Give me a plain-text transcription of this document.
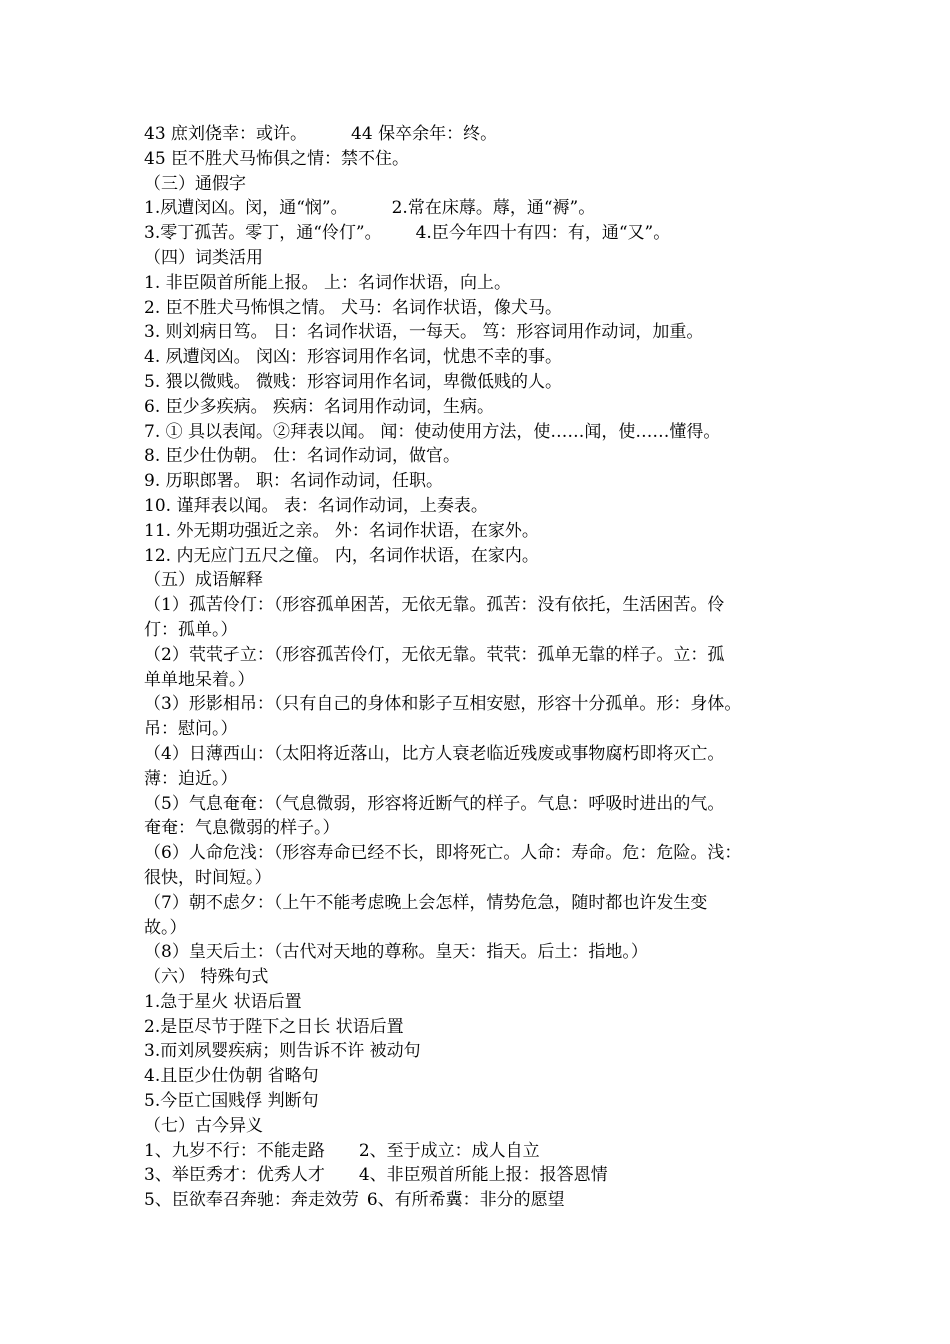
43 庶刘侥幸：或许。	44 保卒余年：终。
45 臣不胜犬马怖俱之情：禁不住。
（三）通假字
1.夙遭闵凶。闵，通“悯”。	2.常在床蓐。蓐，通“褥”。
3.零丁孤苦。零丁，通“伶仃”。 4.臣今年四十有四：有，通“又”。
（四）词类活用
1. 非臣陨首所能上报。 上：名词作状语，向上。
2. 臣不胜犬马怖惧之情。 犬马：名词作状语，像犬马。
3. 则刘病日笃。 日：名词作状语，一每天。 笃：形容词用作动词，加重。
4. 夙遭闵凶。 闵凶：形容词用作名词，忧患不幸的事。
5. 猥以微贱。 微贱：形容词用作名词，卑微低贱的人。
6. 臣少多疾病。 疾病：名词用作动词，生病。
7. ① 具以表闻。②拜表以闻。 闻：使动使用方法，使……闻，使……懂得。
8. 臣少仕伪朝。 仕：名词作动词，做官。
9. 历职郎署。 职：名词作动词，任职。
10. 谨拜表以闻。 表：名词作动词，上奏表。
11. 外无期功强近之亲。 外：名词作状语，在家外。
12. 内无应门五尺之僮。 内，名词作状语，在家内。
（五）成语解释
（1）孤苦伶仃：（形容孤单困苦，无依无靠。孤苦：没有依托，生活困苦。伶
仃：孤单。）
（2）茕茕孑立：（形容孤苦伶仃，无依无靠。茕茕：孤单无靠的样子。立：孤
单单地呆着。）
（3）形影相吊：（只有自己的身体和影子互相安慰，形容十分孤单。形：身体。
吊：慰问。）
（4）日薄西山：（太阳将近落山，比方人衰老临近残废或事物腐朽即将灭亡。
薄：迫近。）
（5）气息奄奄：（气息微弱，形容将近断气的样子。气息：呼吸时进出的气。
奄奄：气息微弱的样子。）
（6）人命危浅：（形容寿命已经不长，即将死亡。人命：寿命。危：危险。浅：
很快，时间短。）
（7）朝不虑夕：（上午不能考虑晚上会怎样，情势危急，随时都也许发生变
故。）
（8）皇天后土：（古代对天地的尊称。皇天：指天。后土：指地。）
（六） 特殊句式
1.急于星火 状语后置
2.是臣尽节于陛下之日长 状语后置
3.而刘夙婴疾病；则告诉不许 被动句
4.且臣少仕伪朝 省略句
5.今臣亡国贱俘 判断句
（七）古今异义
1、九岁不行：不能走路 2、至于成立：成人自立
3、举臣秀才：优秀人才 4、非臣殒首所能上报：报答恩情
5、臣欲奉召奔驰：奔走效劳 6、有所希冀：非分的愿望
